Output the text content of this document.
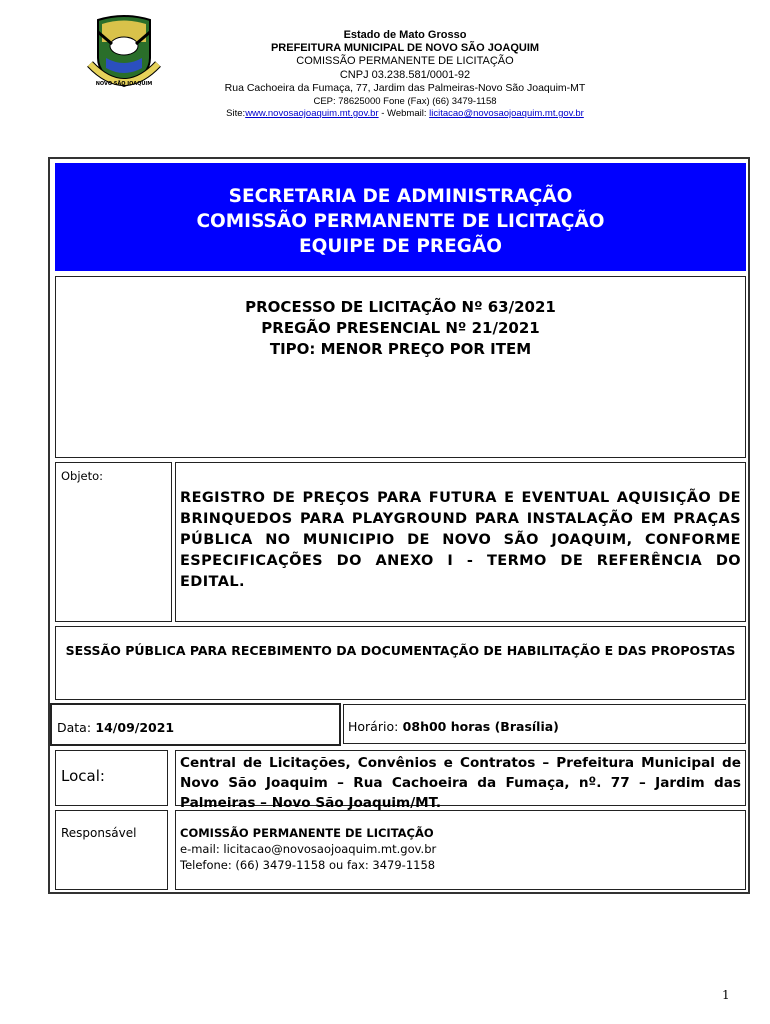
NOVO SÃO JOAQUIM
Estado de Mato Grosso
PREFEITURA MUNICIPAL DE NOVO SÃO JOAQUIM
COMISSÃO PERMANENTE DE LICITAÇÃO
CNPJ 03.238.581/0001-92
Rua Cachoeira da Fumaça, 77, Jardim das Palmeiras-Novo São Joaquim-MT
CEP: 78625000 Fone (Fax) (66) 3479-1158
Site:www.novosaojoaquim.mt.gov.br - Webmail: licitacao@novosaojoaquim.mt.gov.br
SECRETARIA DE ADMINISTRAÇÃO
COMISSÃO PERMANENTE DE LICITAÇÃO
EQUIPE DE PREGÃO
PROCESSO DE LICITAÇÃO Nº 63/2021
PREGÃO PRESENCIAL Nº 21/2021
TIPO: MENOR PREÇO POR ITEM
Objeto:
REGISTRO DE PREÇOS PARA FUTURA E EVENTUAL AQUISIÇÃO DE BRINQUEDOS PARA PLAYGROUND PARA INSTALAÇÃO EM PRAÇAS PÚBLICA NO MUNICIPIO DE NOVO SÃO JOAQUIM, CONFORME ESPECIFICAÇÕES DO ANEXO I - TERMO DE REFERÊNCIA DO EDITAL.
SESSÃO PÚBLICA PARA RECEBIMENTO DA DOCUMENTAÇÃO DE HABILITAÇÃO E DAS PROPOSTAS
Data: 14/09/2021	Horário: 08h00 horas (Brasília)
Local:
Central de Licitações, Convênios e Contratos – Prefeitura Municipal de Novo São Joaquim – Rua Cachoeira da Fumaça, nº. 77 – Jardim das Palmeiras – Novo São Joaquim/MT.
Responsável	COMISSÃO PERMANENTE DE LICITAÇÃO
e-mail: licitacao@novosaojoaquim.mt.gov.br
Telefone: (66) 3479-1158 ou fax: 3479-1158
1
